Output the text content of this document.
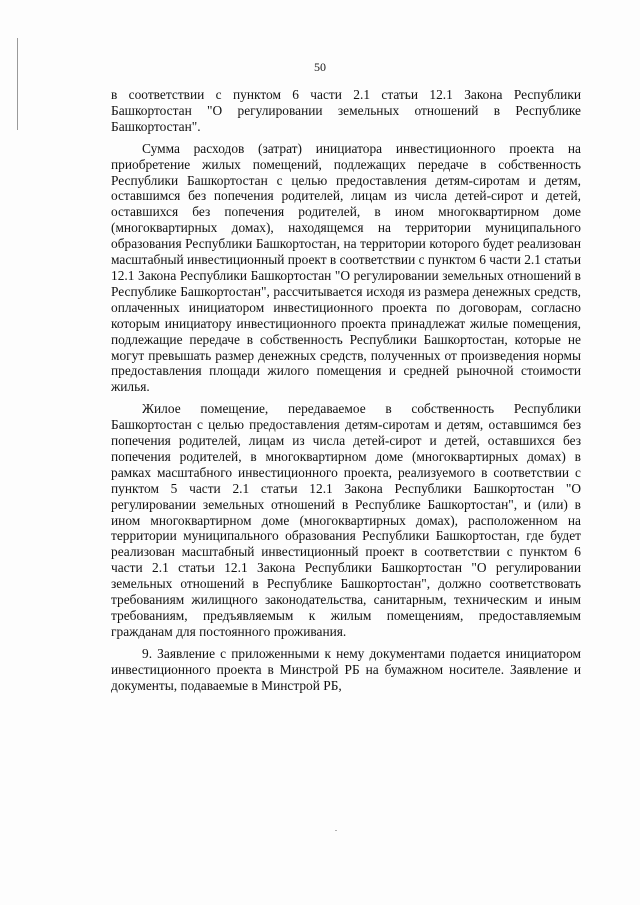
50

в соответствии с пунктом 6 части 2.1 статьи 12.1 Закона Республики Башкортостан "О регулировании земельных отношений в Республике Башкортостан".

Сумма расходов (затрат) инициатора инвестиционного проекта на приобретение жилых помещений, подлежащих передаче в собственность Республики Башкортостан с целью предоставления детям-сиротам и детям, оставшимся без попечения родителей, лицам из числа детей-сирот и детей, оставшихся без попечения родителей, в ином многоквартирном доме (многоквартирных домах), находящемся на территории муниципального образования Республики Башкортостан, на территории которого будет реализован масштабный инвестиционный проект в соответствии с пунктом 6 части 2.1 статьи 12.1 Закона Республики Башкортостан "О регулировании земельных отношений в Республике Башкортостан", рассчитывается исходя из размера денежных средств, оплаченных инициатором инвестиционного проекта по договорам, согласно которым инициатору инвестиционного проекта принадлежат жилые помещения, подлежащие передаче в собственность Республики Башкортостан, которые не могут превышать размер денежных средств, полученных от произведения нормы предоставления площади жилого помещения и средней рыночной стоимости жилья.

Жилое помещение, передаваемое в собственность Республики Башкортостан с целью предоставления детям-сиротам и детям, оставшимся без попечения родителей, лицам из числа детей-сирот и детей, оставшихся без попечения родителей, в многоквартирном доме (многоквартирных домах) в рамках масштабного инвестиционного проекта, реализуемого в соответствии с пунктом 5 части 2.1 статьи 12.1 Закона Республики Башкортостан "О регулировании земельных отношений в Республике Башкортостан", и (или) в ином многоквартирном доме (многоквартирных домах), расположенном на территории муниципального образования Республики Башкортостан, где будет реализован масштабный инвестиционный проект в соответствии с пунктом 6 части 2.1 статьи 12.1 Закона Республики Башкортостан "О регулировании земельных отношений в Республике Башкортостан", должно соответствовать требованиям жилищного законодательства, санитарным, техническим и иным требованиям, предъявляемым к жилым помещениям, предоставляемым гражданам для постоянного проживания.

9. Заявление с приложенными к нему документами подается инициатором инвестиционного проекта в Минстрой РБ на бумажном носителе. Заявление и документы, подаваемые в Минстрой РБ,
